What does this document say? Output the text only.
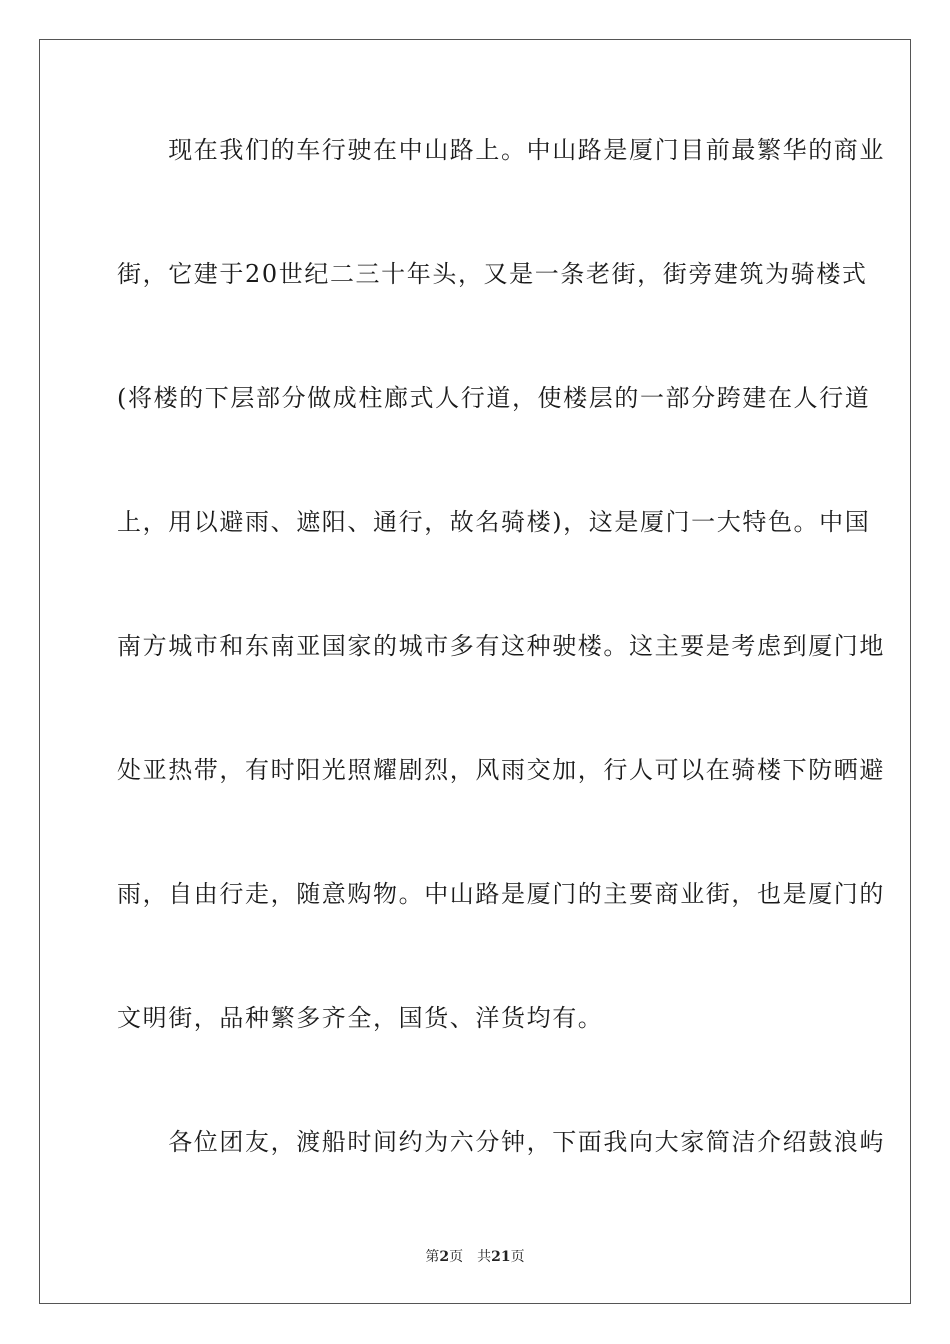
　　现在我们的车行驶在中山路上。中山路是厦门目前最繁华的商业
街，它建于20世纪二三十年头，又是一条老街，街旁建筑为骑楼式
(将楼的下层部分做成柱廊式人行道，使楼层的一部分跨建在人行道
上，用以避雨、遮阳、通行，故名骑楼)，这是厦门一大特色。中国
南方城市和东南亚国家的城市多有这种驶楼。这主要是考虑到厦门地
处亚热带，有时阳光照耀剧烈，风雨交加，行人可以在骑楼下防晒避
雨，自由行走，随意购物。中山路是厦门的主要商业街，也是厦门的
文明街，品种繁多齐全，国货、洋货均有。
　　各位团友，渡船时间约为六分钟，下面我向大家简洁介绍鼓浪屿
第2页 共21页
